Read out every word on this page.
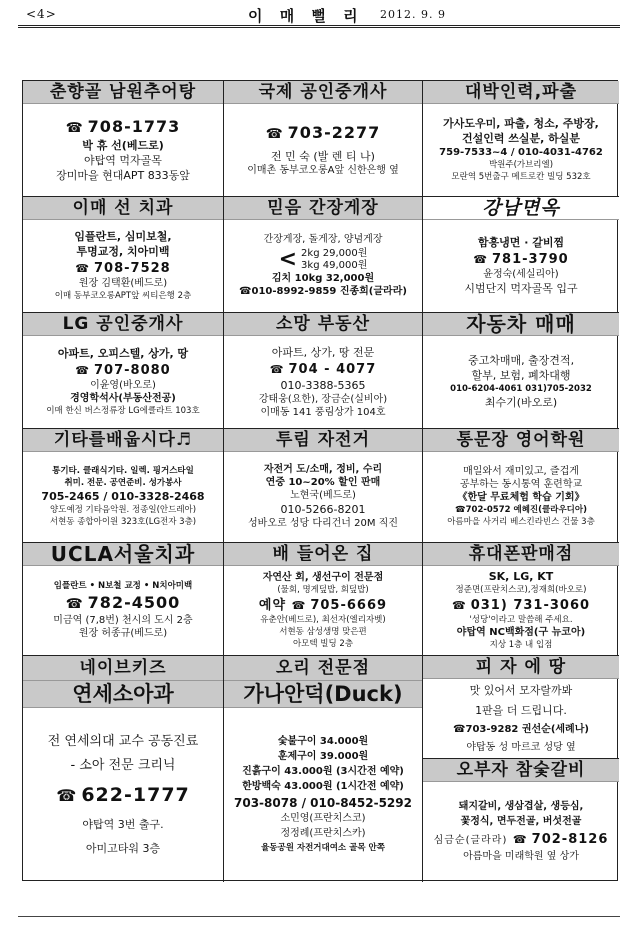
<4>	이 매 뻘 리 2012. 9. 9
춘향골 남원추어탕
☎ 708-1773
박 휴 선(베드로)
야탑역 먹자골목
장미마을 현대APT 833동앞
국제 공인중개사
☎ 703-2277
전 민 숙 (발 렌 티 나)
이매촌 동부코오롱A앞 신한은행 옆
대박인력,파출
가사도우미, 파출, 청소, 주방장,
건설인력 쓰실분, 하실분
759-7533~4 / 010-4031-4762
박원주(가브리엘)
모란역 5번출구 메트로칸 빌딩 532호
이매 선 치과
임플란트, 심미보철,
투명교정, 치아미백
☎ 708-7528
원장 김택환(베드로)
이매 동부코오롱APT앞 씨티은행 2층
믿음 간장게장
간장게장, 돌게장, 양념게장
< 2kg 29,000원
3kg 49,000원
김치 10kg 32,000원
☎010-8992-9859 진종희(글라라)
강남면옥
함흥냉면 · 갈비찜
☎ 781-3790
윤정숙(세실리아)
시범단지 먹자골목 입구
LG 공인중개사
아파트, 오피스텔, 상가, 땅
☎ 707-8080
이윤영(바오로)
경영학석사(부동산전공)
이매 한신 버스정류장 LG에클라트 103호
소망 부동산
아파트, 상가, 땅 전문
☎ 704 - 4077
010-3388-5365
강태웅(요한), 장금순(실비아)
이매동 141 풍림상가 104호
자동차 매매
중고차매매, 출장견적,
할부, 보험, 폐차대행
010-6204-4061 031)705-2032
최수기(바오로)
기타를배웁시다♬
통기타. 클래식기타. 일렉. 핑거스타일
취미. 전문. 공연준비. 성가봉사
705-2465 / 010-3328-2468
양도예정 기타음악원. 정종일(안드레아)
서현동 종합아이원 323호(LG전자 3층)
투림 자전거
자전거 도/소매, 정비, 수리
연중 10~20% 할인 판매
노현국(베드로)
010-5266-8201
성바오로 성당 다리건너 20M 직진
통문장 영어학원
매일와서 재미있고, 즐겁게
공부하는 동시통역 훈련학교
《한달 무료체험 학습 기회》
☎702-0572 예혜진(클라우디아)
아름마을 사거리 베스킨라빈스 건물 3층
UCLA서울치과
임플란트 • N보철 교정 • N치아미백
☎ 782-4500
미금역 (7,8번) 천시의 도시 2층
원장 허종규(베드로)
배 들어온 집
자연산 회, 생선구이 전문점
(물회, 명게덮밥, 회덮밥)
예약 ☎ 705-6669
유춘안(베드로), 최선자(엘리자벳)
서현동 삼성생명 맞은편
아모텍 빌딩 2층
휴대폰판매점
SK, LG, KT
정준면(프란치스코),정재희(바오로)
☎ 031) 731-3060
'성당'이라고 말씀해 주세요.
야탑역 NC백화점(구 뉴코아)
지상 1층 내 입점
네이브키즈
연세소아과
전 연세의대 교수 공동진료
- 소아 전문 크리닉
☎ 622-1777
야탑역 3번 출구.
아미고타워 3층
오리 전문점
가나안덕(Duck)
숯불구이 34.000원
훈제구이 39.000원
진흙구이 43.000원 (3시간전 예약)
한방백숙 43.000원 (1시간전 예약)
703-8078 / 010-8452-5292
소민영(프란치스코)
정정례(프란치스카)
율동공원 자전거대여소 골목 안쪽
피 자 에 땅
맛 있어서 모자랄까봐
1판을 더 드립니다.
☎703-9282 권선순(세례나)
야탑동 성 마르코 성당 옆
오부자 참숯갈비
돼지갈비, 생삼겹살, 생등심,
꽃정식, 면두전골, 버섯전골
심금순(글라라) ☎ 702-8126
아름마을 미래학원 옆 상가
